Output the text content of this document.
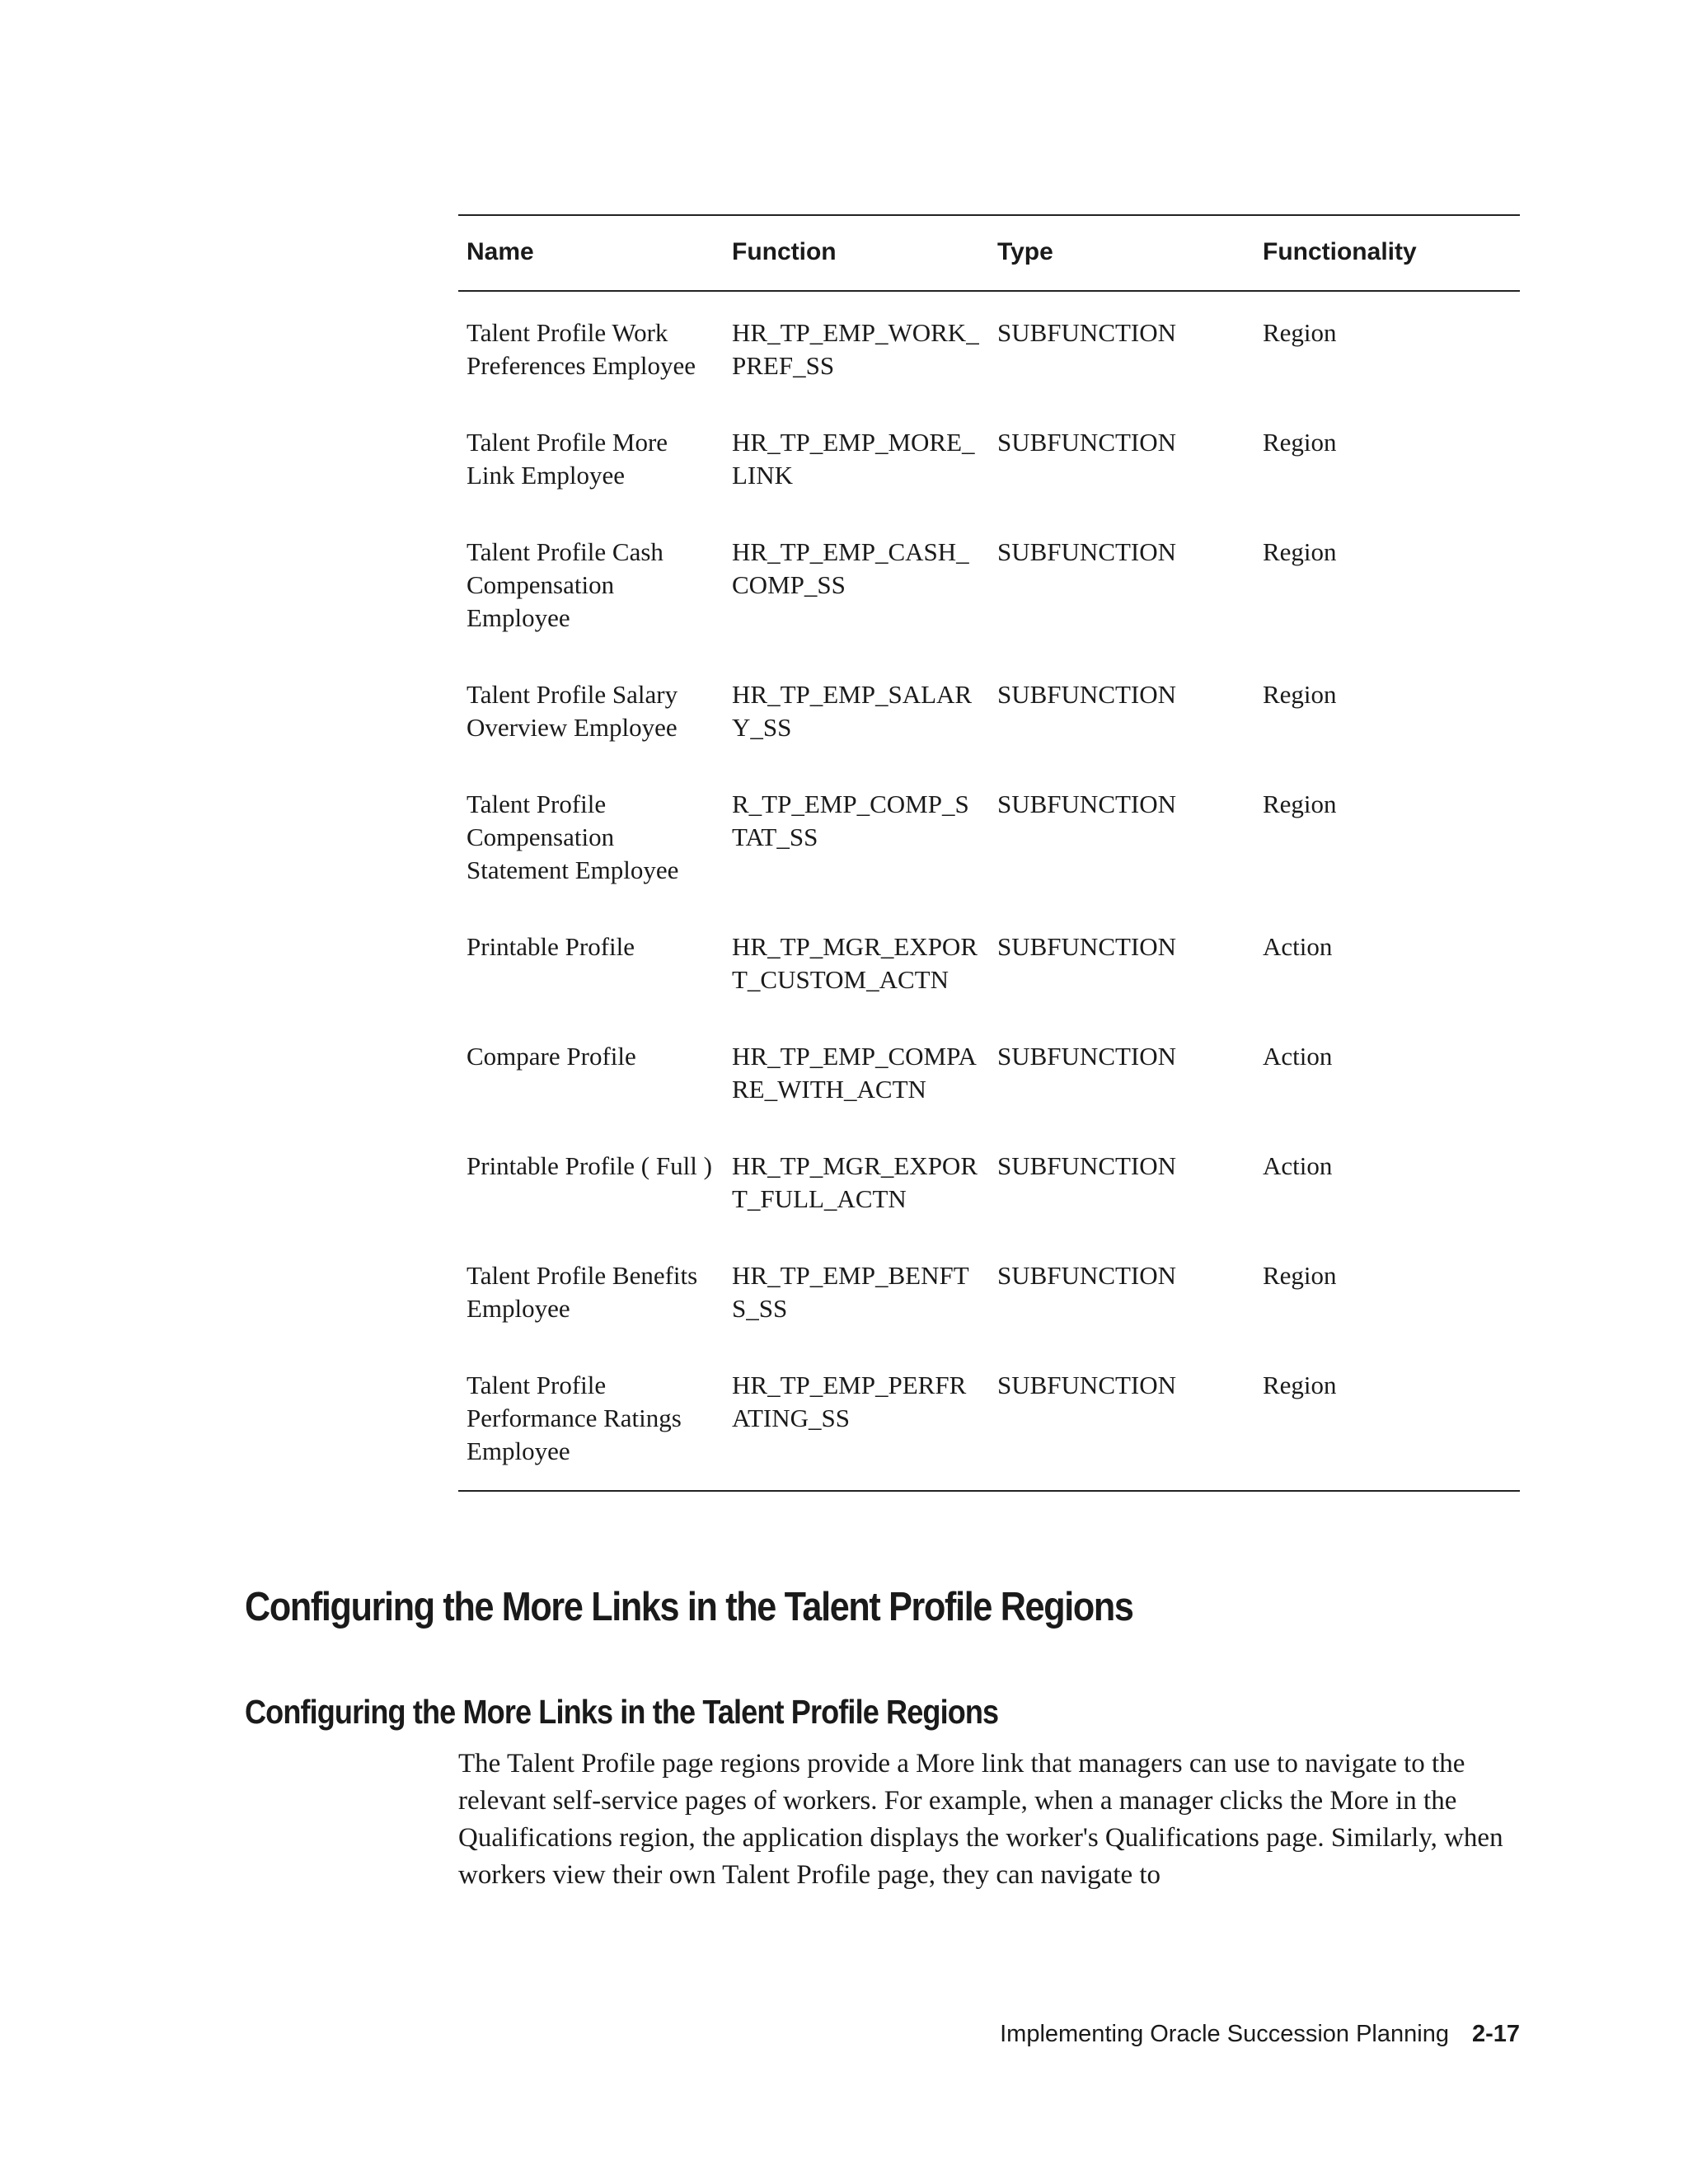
Name	Function	Type	Functionality
Talent Profile Work Preferences Employee	HR_TP_EMP_WORK_PREF_SS	SUBFUNCTION	Region
Talent Profile More Link Employee	HR_TP_EMP_MORE_LINK	SUBFUNCTION	Region
Talent Profile Cash Compensation Employee	HR_TP_EMP_CASH_COMP_SS	SUBFUNCTION	Region
Talent Profile Salary Overview Employee	HR_TP_EMP_SALARY_SS	SUBFUNCTION	Region
Talent Profile Compensation Statement Employee	R_TP_EMP_COMP_STAT_SS	SUBFUNCTION	Region
Printable Profile	HR_TP_MGR_EXPORT_CUSTOM_ACTN	SUBFUNCTION	Action
Compare Profile	HR_TP_EMP_COMPARE_WITH_ACTN	SUBFUNCTION	Action
Printable Profile ( Full )	HR_TP_MGR_EXPORT_FULL_ACTN	SUBFUNCTION	Action
Talent Profile Benefits Employee	HR_TP_EMP_BENFTS_SS	SUBFUNCTION	Region
Talent Profile Performance Ratings Employee	HR_TP_EMP_PERFRATING_SS	SUBFUNCTION	Region
Configuring the More Links in the Talent Profile Regions
Configuring the More Links in the Talent Profile Regions

The Talent Profile page regions provide a More link that managers can use to navigate to the relevant self-service pages of workers. For example, when a manager clicks the More in the Qualifications region, the application displays the worker's Qualifications page. Similarly, when workers view their own Talent Profile page, they can navigate to

Implementing Oracle Succession Planning 2-17
